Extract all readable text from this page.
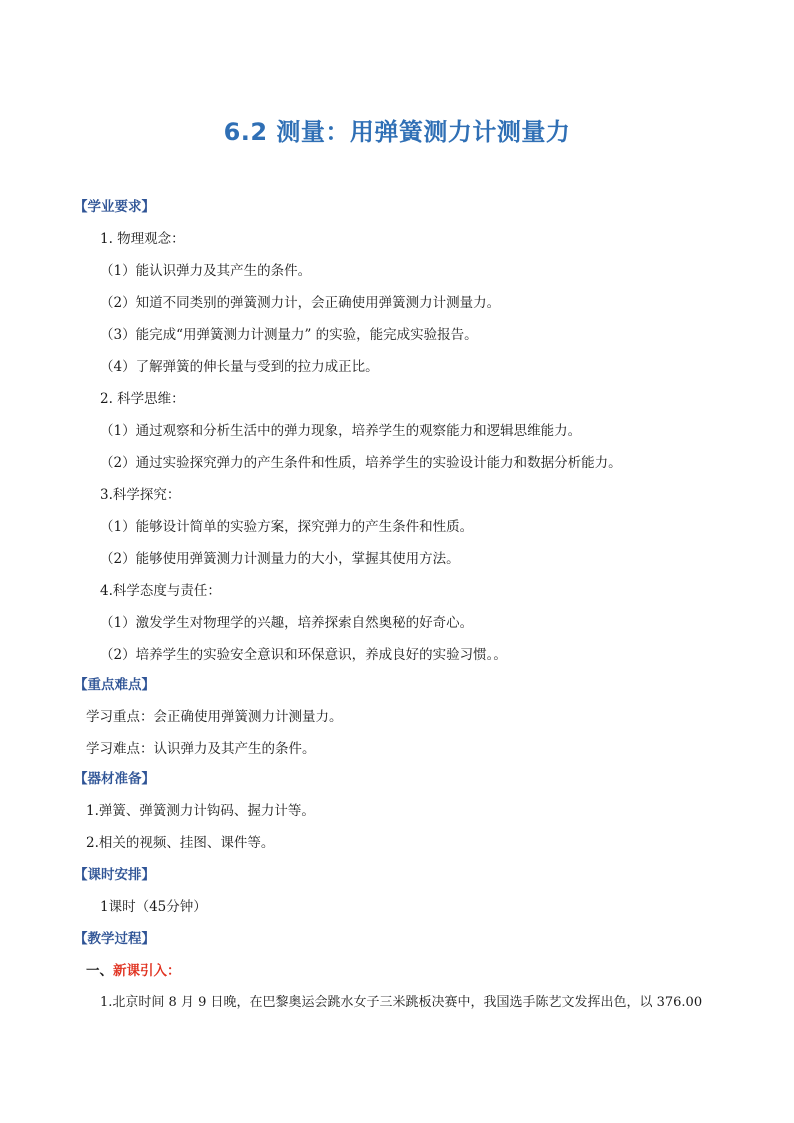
6.2 测量：用弹簧测力计测量力
【学业要求】
1. 物理观念：
（1）能认识弹力及其产生的条件。
（2）知道不同类别的弹簧测力计，会正确使用弹簧测力计测量力。
（3）能完成“用弹簧测力计测量力” 的实验，能完成实验报告。
（4）了解弹簧的伸长量与受到的拉力成正比。
2. 科学思维：
（1）通过观察和分析生活中的弹力现象，培养学生的观察能力和逻辑思维能力。
（2）通过实验探究弹力的产生条件和性质，培养学生的实验设计能力和数据分析能力。
3.科学探究：
（1）能够设计简单的实验方案，探究弹力的产生条件和性质。
（2）能够使用弹簧测力计测量力的大小，掌握其使用方法。
4.科学态度与责任：
（1）激发学生对物理学的兴趣，培养探索自然奥秘的好奇心。
（2）培养学生的实验安全意识和环保意识，养成良好的实验习惯。。
【重点难点】
学习重点：会正确使用弹簧测力计测量力。
学习难点：认识弹力及其产生的条件。
【器材准备】
1.弹簧、弹簧测力计钩码、握力计等。
2.相关的视频、挂图、课件等。
【课时安排】
1课时（45分钟）
【教学过程】
一、新课引入：
1.北京时间 8 月 9 日晚，在巴黎奥运会跳水女子三米跳板决赛中，我国选手陈艺文发挥出色，以 376.00
